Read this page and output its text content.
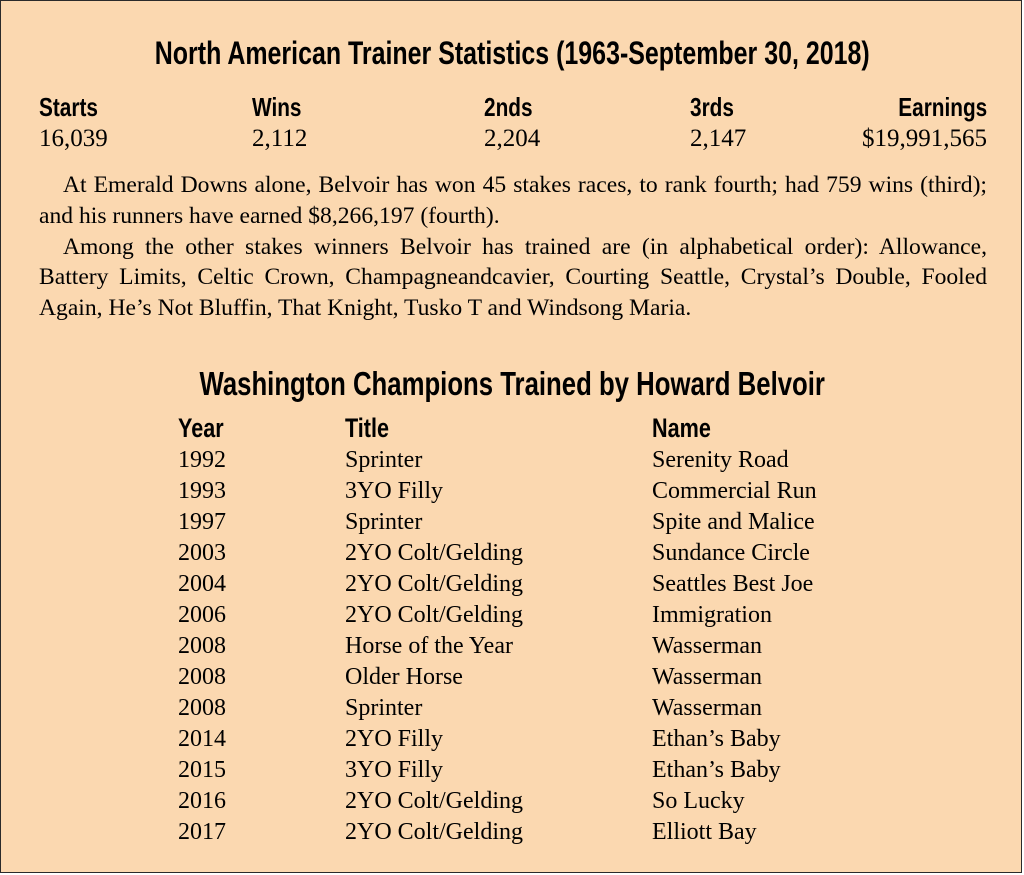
North American Trainer Statistics (1963-September 30, 2018)
Starts	Wins	2nds	3rds	Earnings
16,039	2,112	2,204	2,147	$19,991,565

At Emerald Downs alone, Belvoir has won 45 stakes races, to rank fourth; had 759 wins (third); and his runners have earned $8,266,197 (fourth).

Among the other stakes winners Belvoir has trained are (in alphabetical order): Allowance, Battery Limits, Celtic Crown, Champagneandcavier, Courting Seattle, Crystal’s Double, Fooled Again, He’s Not Bluffin, That Knight, Tusko T and Windsong Maria.

Washington Champions Trained by Howard Belvoir
Year	Title	Name
1992	Sprinter	Serenity Road
1993	3YO Filly	Commercial Run
1997	Sprinter	Spite and Malice
2003	2YO Colt/Gelding	Sundance Circle
2004	2YO Colt/Gelding	Seattles Best Joe
2006	2YO Colt/Gelding	Immigration
2008	Horse of the Year	Wasserman
2008	Older Horse	Wasserman
2008	Sprinter	Wasserman
2014	2YO Filly	Ethan’s Baby
2015	3YO Filly	Ethan’s Baby
2016	2YO Colt/Gelding	So Lucky
2017	2YO Colt/Gelding	Elliott Bay
